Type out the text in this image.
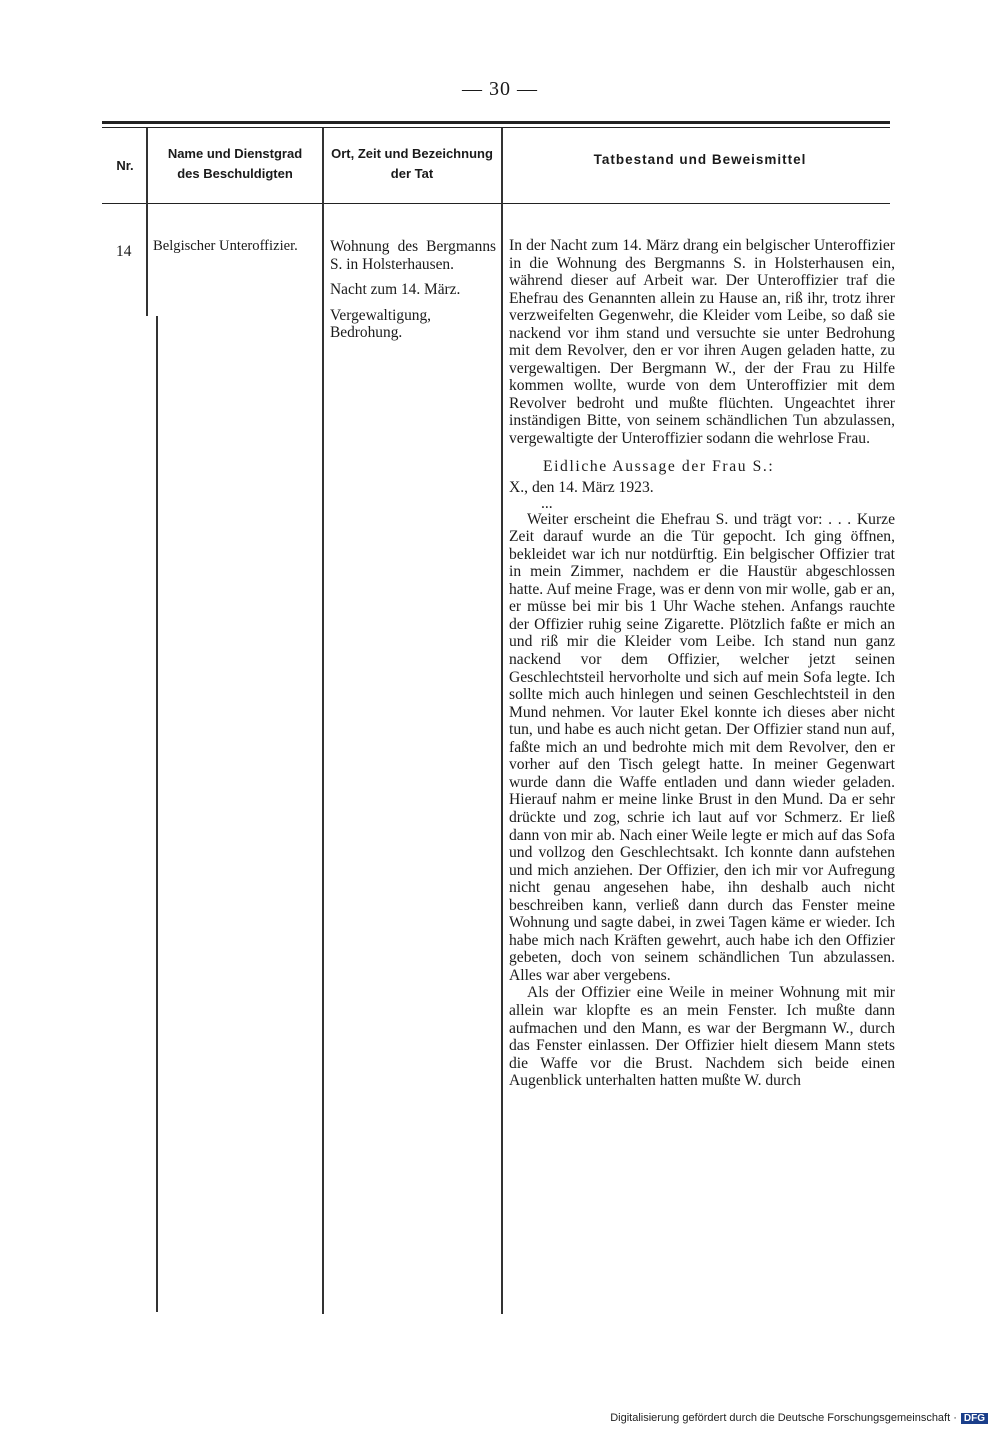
— 30 —
Nr.
Name und Dienstgrad des Beschuldigten
Ort, Zeit und Bezeichnung der Tat
Tatbestand und Beweismittel
14	Belgischer Unteroffizier.	Wohnung des Bergmanns S. in Holsterhausen.

Nacht zum 14. März.

Vergewaltigung, Bedrohung.

In der Nacht zum 14. März drang ein belgischer Unteroffizier in die Wohnung des Bergmanns S. in Holsterhausen ein, während dieser auf Arbeit war. Der Unteroffizier traf die Ehefrau des Genannten allein zu Hause an, riß ihr, trotz ihrer verzweifelten Gegenwehr, die Kleider vom Leibe, so daß sie nackend vor ihm stand und versuchte sie unter Bedrohung mit dem Revolver, den er vor ihren Augen geladen hatte, zu vergewaltigen. Der Bergmann W., der der Frau zu Hilfe kommen wollte, wurde von dem Unteroffizier mit dem Revolver bedroht und mußte flüchten. Ungeachtet ihrer inständigen Bitte, von seinem schändlichen Tun abzulassen, vergewaltigte der Unteroffizier sodann die wehrlose Frau.

Eidliche Aussage der Frau S.:

X., den 14. März 1923.

...

Weiter erscheint die Ehefrau S. und trägt vor: . . . Kurze Zeit darauf wurde an die Tür gepocht. Ich ging öffnen, bekleidet war ich nur notdürftig. Ein belgischer Offizier trat in mein Zimmer, nachdem er die Haustür abgeschlossen hatte. Auf meine Frage, was er denn von mir wolle, gab er an, er müsse bei mir bis 1 Uhr Wache stehen. Anfangs rauchte der Offizier ruhig seine Zigarette. Plötzlich faßte er mich an und riß mir die Kleider vom Leibe. Ich stand nun ganz nackend vor dem Offizier, welcher jetzt seinen Geschlechtsteil hervorholte und sich auf mein Sofa legte. Ich sollte mich auch hinlegen und seinen Geschlechtsteil in den Mund nehmen. Vor lauter Ekel konnte ich dieses aber nicht tun, und habe es auch nicht getan. Der Offizier stand nun auf, faßte mich an und bedrohte mich mit dem Revolver, den er vorher auf den Tisch gelegt hatte. In meiner Gegenwart wurde dann die Waffe entladen und dann wieder geladen. Hierauf nahm er meine linke Brust in den Mund. Da er sehr drückte und zog, schrie ich laut auf vor Schmerz. Er ließ dann von mir ab. Nach einer Weile legte er mich auf das Sofa und vollzog den Geschlechtsakt. Ich konnte dann aufstehen und mich anziehen. Der Offizier, den ich mir vor Aufregung nicht genau angesehen habe, ihn deshalb auch nicht beschreiben kann, verließ dann durch das Fenster meine Wohnung und sagte dabei, in zwei Tagen käme er wieder. Ich habe mich nach Kräften gewehrt, auch habe ich den Offizier gebeten, doch von seinem schändlichen Tun abzulassen. Alles war aber vergebens.

Als der Offizier eine Weile in meiner Wohnung mit mir allein war klopfte es an mein Fenster. Ich mußte dann aufmachen und den Mann, es war der Bergmann W., durch das Fenster einlassen. Der Offizier hielt diesem Mann stets die Waffe vor die Brust. Nachdem sich beide einen Augenblick unterhalten hatten mußte W. durch

Digitalisierung gefördert durch die Deutsche Forschungsgemeinschaft · DFG
